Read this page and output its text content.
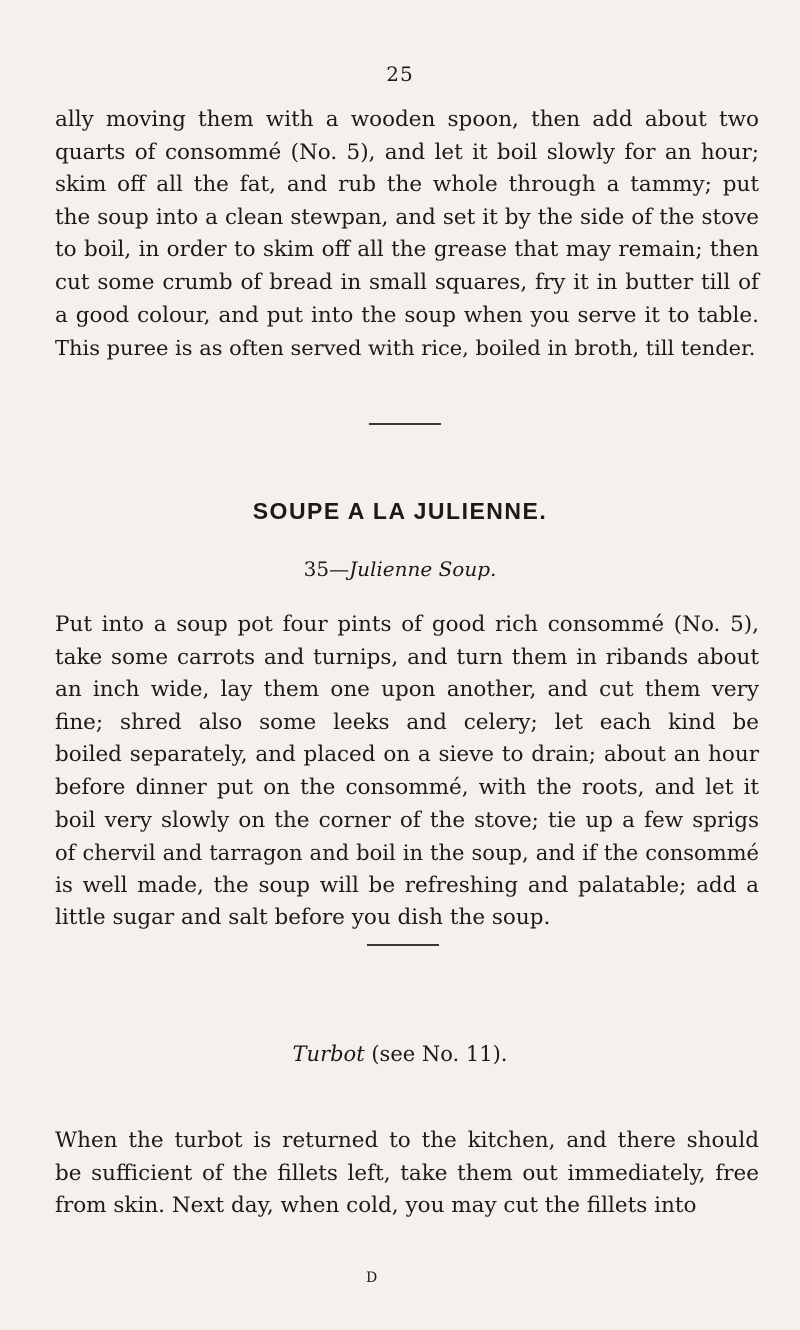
25
ally moving them with a wooden spoon, then add about two
quarts of consommé (No. 5), and let it boil slowly for an hour;
skim off all the fat, and rub the whole through a tammy; put
the soup into a clean stewpan, and set it by the side of the stove
to boil, in order to skim off all the grease that may remain; then
cut some crumb of bread in small squares, fry it in butter till of
a good colour, and put into the soup when you serve it to table.
This pureе is as often served with rice, boiled in broth, till tender.
SOUPE A LA JULIENNE.

35—Julienne Soup.

Put into a soup pot four pints of good rich consommé (No. 5),
take some carrots and turnips, and turn them in ribands about
an inch wide, lay them one upon another, and cut them very
fine; shred also some leeks and celery; let each kind be
boiled separately, and placed on a sieve to drain; about an hour
before dinner put on the consommé, with the roots, and let it
boil very slowly on the corner of the stove; tie up a few sprigs
of chervil and tarragon and boil in the soup, and if the consommé
is well made, the soup will be refreshing and palatable; add a
little sugar and salt before you dish the soup.

Turbot (see No. 11).

When the turbot is returned to the kitchen, and there should
be sufficient of the fillets left, take them out immediately, free
from skin. Next day, when cold, you may cut the fillets into
D
